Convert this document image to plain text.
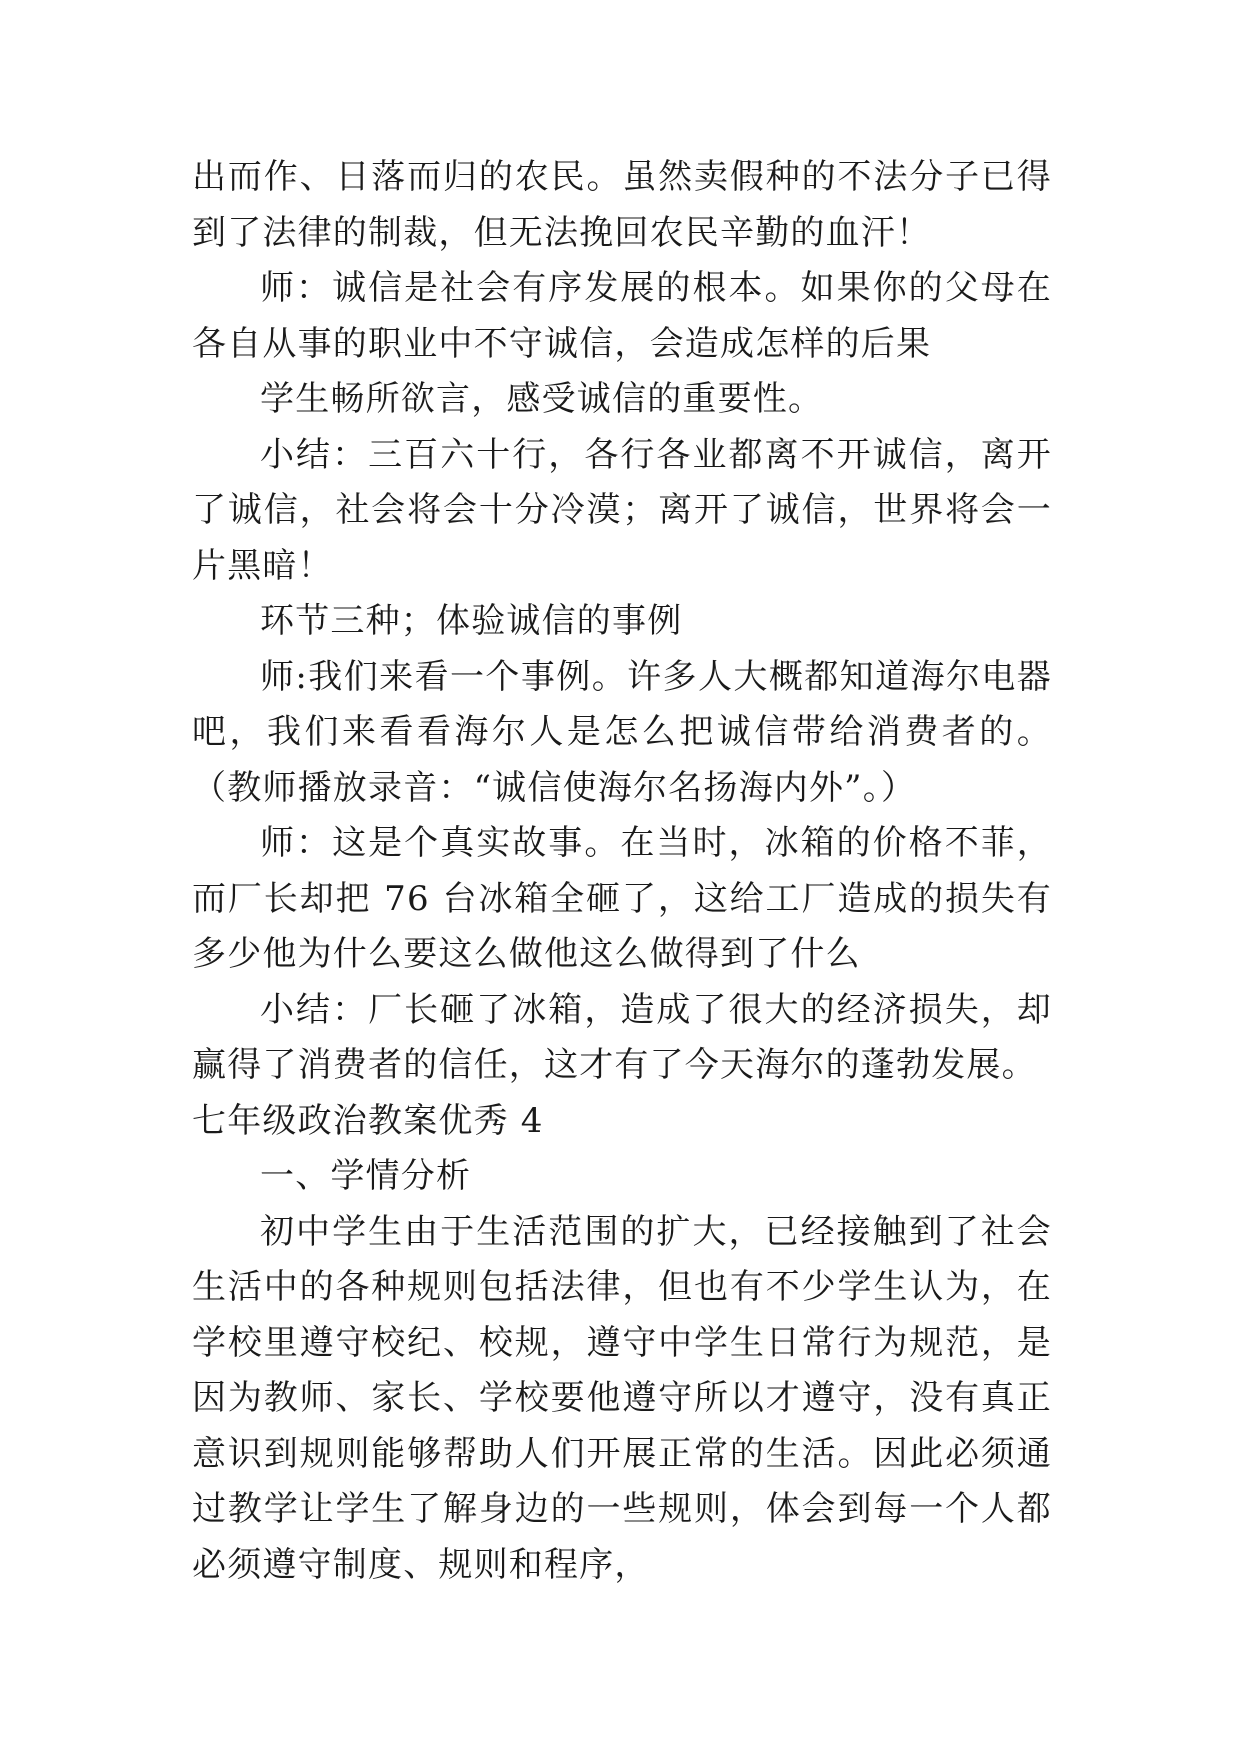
出而作、日落而归的农民。虽然卖假种的不法分子已得到了法律的制裁，但无法挽回农民辛勤的血汗！

师：诚信是社会有序发展的根本。如果你的父母在各自从事的职业中不守诚信，会造成怎样的后果

学生畅所欲言，感受诚信的重要性。

小结：三百六十行，各行各业都离不开诚信，离开了诚信，社会将会十分冷漠；离开了诚信，世界将会一片黑暗！

环节三种；体验诚信的事例

师:我们来看一个事例。许多人大概都知道海尔电器吧，我们来看看海尔人是怎么把诚信带给消费者的。（教师播放录音：“诚信使海尔名扬海内外”。）

师：这是个真实故事。在当时，冰箱的价格不菲，而厂长却把 76 台冰箱全砸了，这给工厂造成的损失有多少他为什么要这么做他这么做得到了什么

小结：厂长砸了冰箱，造成了很大的经济损失，却赢得了消费者的信任，这才有了今天海尔的蓬勃发展。

七年级政治教案优秀 4

一、学情分析

初中学生由于生活范围的扩大，已经接触到了社会生活中的各种规则包括法律，但也有不少学生认为，在学校里遵守校纪、校规，遵守中学生日常行为规范，是因为教师、家长、学校要他遵守所以才遵守，没有真正意识到规则能够帮助人们开展正常的生活。因此必须通过教学让学生了解身边的一些规则，体会到每一个人都必须遵守制度、规则和程序，
